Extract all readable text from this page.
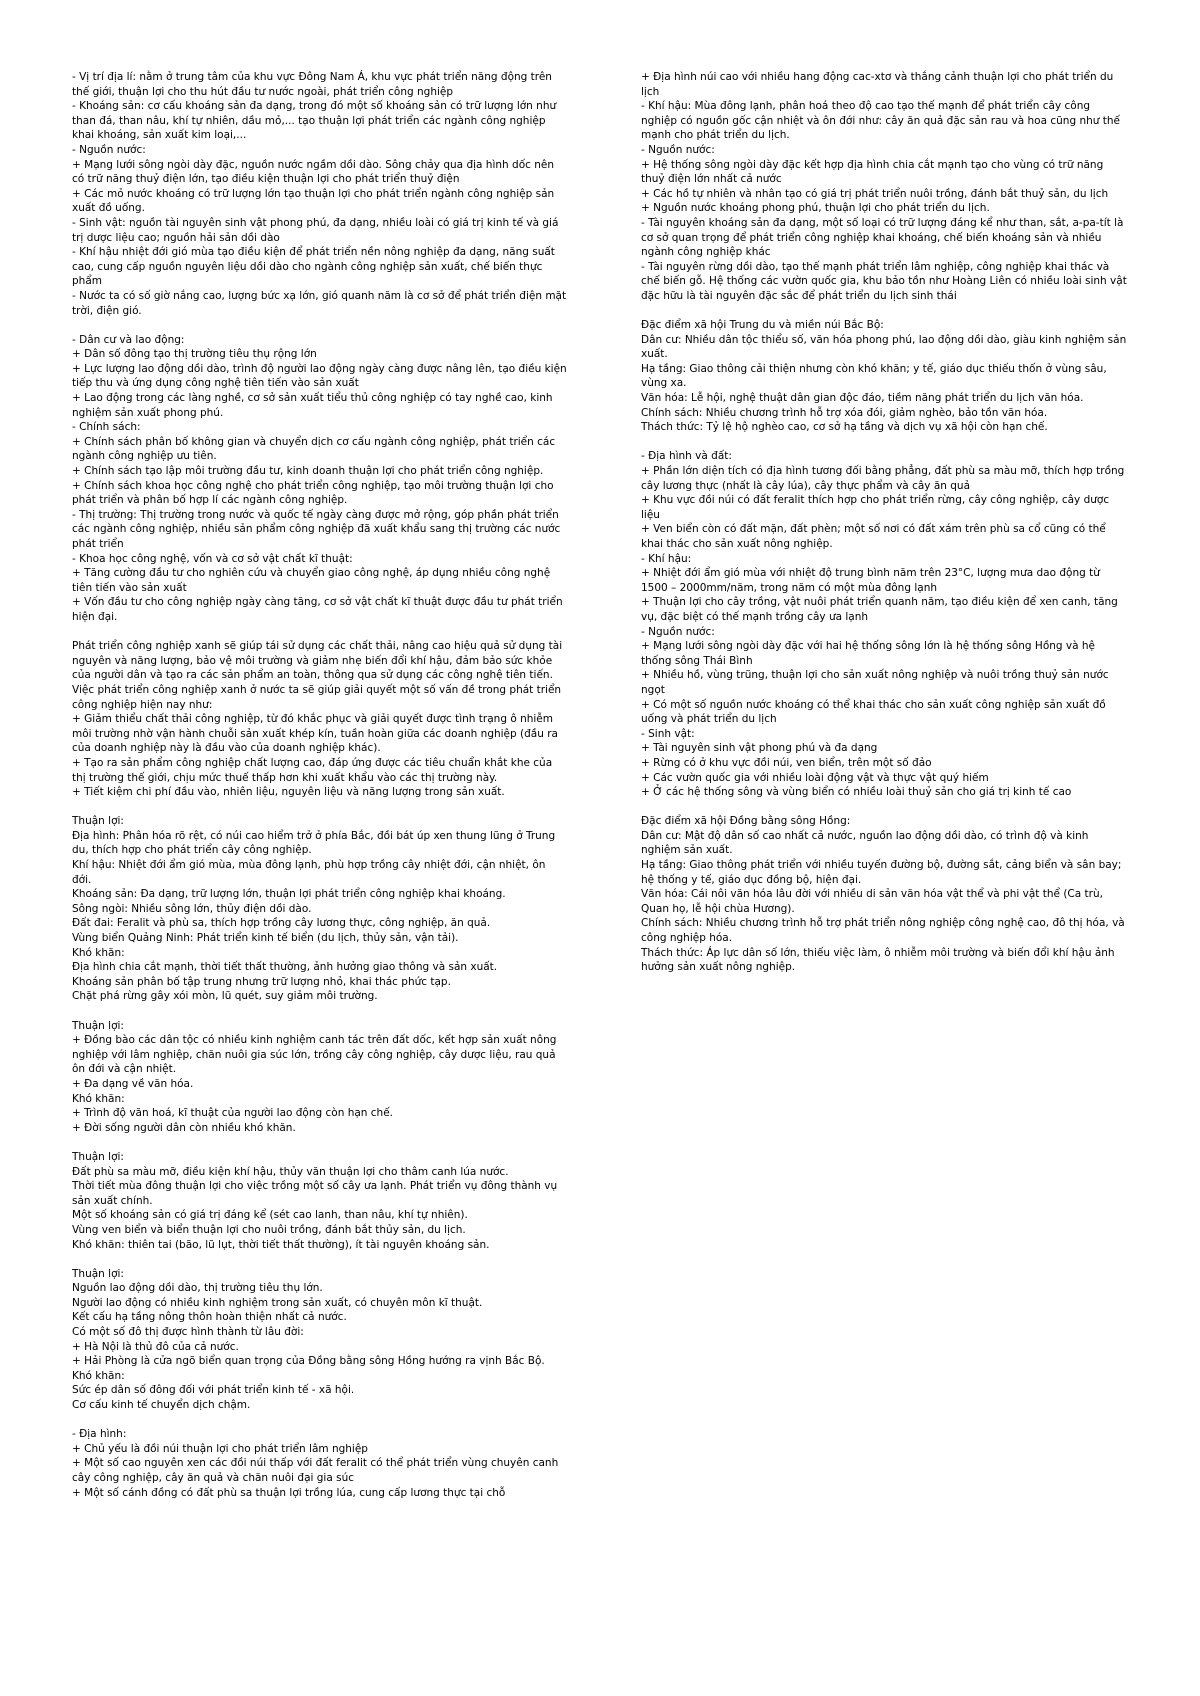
- Vị trí địa lí: nằm ở trung tâm của khu vực Đông Nam Á, khu vực phát triển năng động trên thế giới, thuận lợi cho thu hút đầu tư nước ngoài, phát triển công nghiệp
- Khoáng sản: cơ cấu khoáng sản đa dạng, trong đó một số khoáng sản có trữ lượng lớn như than đá, than nâu, khí tự nhiên, dầu mỏ,... tạo thuận lợi phát triển các ngành công nghiệp khai khoáng, sản xuất kim loại,...
- Nguồn nước:
+ Mạng lưới sông ngòi dày đặc, nguồn nước ngầm dồi dào. Sông chảy qua địa hình dốc nên có trữ năng thuỷ điện lớn, tạo điều kiện thuận lợi cho phát triển thuỷ điện
+ Các mỏ nước khoáng có trữ lượng lớn tạo thuận lợi cho phát triển ngành công nghiệp sản xuất đồ uống.
- Sinh vật: nguồn tài nguyên sinh vật phong phú, đa dạng, nhiều loài có giá trị kinh tế và giá trị dược liệu cao; nguồn hải sản dồi dào
- Khí hậu nhiệt đới gió mùa tạo điều kiện để phát triển nền nông nghiệp đa dạng, năng suất cao, cung cấp nguồn nguyên liệu dồi dào cho ngành công nghiệp sản xuất, chế biến thực phẩm
- Nước ta có số giờ nắng cao, lượng bức xạ lớn, gió quanh năm là cơ sở để phát triển điện mặt trời, điện gió.
- Dân cư và lao động:
+ Dân số đông tạo thị trường tiêu thụ rộng lớn
+ Lực lượng lao động dồi dào, trình độ người lao động ngày càng được nâng lên, tạo điều kiện tiếp thu và ứng dụng công nghệ tiên tiến vào sản xuất
+ Lao động trong các làng nghề, cơ sở sản xuất tiểu thủ công nghiệp có tay nghề cao, kinh nghiệm sản xuất phong phú.
- Chính sách:
+ Chính sách phân bố không gian và chuyển dịch cơ cấu ngành công nghiệp, phát triển các ngành công nghiệp ưu tiên.
+ Chính sách tạo lập môi trường đầu tư, kinh doanh thuận lợi cho phát triển công nghiệp.
+ Chính sách khoa học công nghệ cho phát triển công nghiệp, tạo môi trường thuận lợi cho phát triển và phân bố hợp lí các ngành công nghiệp.
- Thị trường: Thị trường trong nước và quốc tế ngày càng được mở rộng, góp phần phát triển các ngành công nghiệp, nhiều sản phẩm công nghiệp đã xuất khẩu sang thị trường các nước phát triển
- Khoa học công nghệ, vốn và cơ sở vật chất kĩ thuật:
+ Tăng cường đầu tư cho nghiên cứu và chuyển giao công nghệ, áp dụng nhiều công nghệ tiên tiến vào sản xuất
+ Vốn đầu tư cho công nghiệp ngày càng tăng, cơ sở vật chất kĩ thuật được đầu tư phát triển hiện đại.
Phát triển công nghiệp xanh sẽ giúp tái sử dụng các chất thải, nâng cao hiệu quả sử dụng tài nguyên và năng lượng, bảo vệ môi trường và giảm nhẹ biến đổi khí hậu, đảm bảo sức khỏe của người dân và tạo ra các sản phẩm an toàn, thông qua sử dụng các công nghệ tiên tiến.
Việc phát triển công nghiệp xanh ở nước ta sẽ giúp giải quyết một số vấn đề trong phát triển công nghiệp hiện nay như:
+ Giảm thiểu chất thải công nghiệp, từ đó khắc phục và giải quyết được tình trạng ô nhiễm môi trường nhờ vận hành chuỗi sản xuất khép kín, tuần hoàn giữa các doanh nghiệp (đầu ra của doanh nghiệp này là đầu vào của doanh nghiệp khác).
+ Tạo ra sản phẩm công nghiệp chất lượng cao, đáp ứng được các tiêu chuẩn khắt khe của thị trường thế giới, chịu mức thuế thấp hơn khi xuất khẩu vào các thị trường này.
+ Tiết kiệm chi phí đầu vào, nhiên liệu, nguyên liệu và năng lượng trong sản xuất.
Thuận lợi:
Địa hình: Phân hóa rõ rệt, có núi cao hiểm trở ở phía Bắc, đồi bát úp xen thung lũng ở Trung du, thích hợp cho phát triển cây công nghiệp.
Khí hậu: Nhiệt đới ẩm gió mùa, mùa đông lạnh, phù hợp trồng cây nhiệt đới, cận nhiệt, ôn đới.
Khoáng sản: Đa dạng, trữ lượng lớn, thuận lợi phát triển công nghiệp khai khoáng.
Sông ngòi: Nhiều sông lớn, thủy điện dồi dào.
Đất đai: Feralit và phù sa, thích hợp trồng cây lương thực, công nghiệp, ăn quả.
Vùng biển Quảng Ninh: Phát triển kinh tế biển (du lịch, thủy sản, vận tải).
Khó khăn:
Địa hình chia cắt mạnh, thời tiết thất thường, ảnh hưởng giao thông và sản xuất.
Khoáng sản phân bố tập trung nhưng trữ lượng nhỏ, khai thác phức tạp.
Chặt phá rừng gây xói mòn, lũ quét, suy giảm môi trường.
Thuận lợi:
+ Đồng bào các dân tộc có nhiều kinh nghiệm canh tác trên đất dốc, kết hợp sản xuất nông nghiệp với lâm nghiệp, chăn nuôi gia súc lớn, trồng cây công nghiệp, cây dược liệu, rau quả ôn đới và cận nhiệt.
+ Đa dạng về văn hóa.
Khó khăn:
+ Trình độ văn hoá, kĩ thuật của người lao động còn hạn chế.
+ Đời sống người dân còn nhiều khó khăn.
Thuận lợi:
Đất phù sa màu mỡ, điều kiện khí hậu, thủy văn thuận lợi cho thâm canh lúa nước.
Thời tiết mùa đông thuận lợi cho việc trồng một số cây ưa lạnh. Phát triển vụ đông thành vụ sản xuất chính.
Một số khoáng sản có giá trị đáng kể (sét cao lanh, than nâu, khí tự nhiên).
Vùng ven biển và biển thuận lợi cho nuôi trồng, đánh bắt thủy sản, du lịch.
Khó khăn: thiên tai (bão, lũ lụt, thời tiết thất thường), ít tài nguyên khoáng sản.
Thuận lợi:
Nguồn lao động dồi dào, thị trường tiêu thụ lớn.
Người lao động có nhiều kinh nghiệm trong sản xuất, có chuyên môn kĩ thuật.
Kết cấu hạ tầng nông thôn hoàn thiện nhất cả nước.
Có một số đô thị được hình thành từ lâu đời:
+ Hà Nội là thủ đô của cả nước.
+ Hải Phòng là cửa ngõ biển quan trọng của Đồng bằng sông Hồng hướng ra vịnh Bắc Bộ.
Khó khăn:
Sức ép dân số đông đối với phát triển kinh tế - xã hội.
Cơ cấu kinh tế chuyển dịch chậm.
- Địa hình:
+ Chủ yếu là đồi núi thuận lợi cho phát triển lâm nghiệp
+ Một số cao nguyên xen các đồi núi thấp với đất feralit có thể phát triển vùng chuyên canh cây công nghiệp, cây ăn quả và chăn nuôi đại gia súc
+ Một số cánh đồng có đất phù sa thuận lợi trồng lúa, cung cấp lương thực tại chỗ
+ Địa hình núi cao với nhiều hang động cac-xtơ và thắng cảnh thuận lợi cho phát triển du lịch
- Khí hậu: Mùa đông lạnh, phân hoá theo độ cao tạo thế mạnh để phát triển cây công nghiệp có nguồn gốc cận nhiệt và ôn đới như: cây ăn quả đặc sản rau và hoa cũng như thế mạnh cho phát triển du lịch.
- Nguồn nước:
+ Hệ thống sông ngòi dày đặc kết hợp địa hình chia cắt mạnh tạo cho vùng có trữ năng thuỷ điện lớn nhất cả nước
+ Các hồ tự nhiên và nhân tạo có giá trị phát triển nuôi trồng, đánh bắt thuỷ sản, du lịch
+ Nguồn nước khoáng phong phú, thuận lợi cho phát triển du lịch.
- Tài nguyên khoáng sản đa dạng, một số loại có trữ lượng đáng kể như than, sắt, a-pa-tít là cơ sở quan trọng để phát triển công nghiệp khai khoáng, chế biến khoáng sản và nhiều ngành công nghiệp khác
- Tài nguyên rừng dồi dào, tạo thế mạnh phát triển lâm nghiệp, công nghiệp khai thác và chế biến gỗ. Hệ thống các vườn quốc gia, khu bảo tồn như Hoàng Liên có nhiều loài sinh vật đặc hữu là tài nguyên đặc sắc để phát triển du lịch sinh thái
Đặc điểm xã hội Trung du và miền núi Bắc Bộ:
Dân cư: Nhiều dân tộc thiểu số, văn hóa phong phú, lao động dồi dào, giàu kinh nghiệm sản xuất.
Hạ tầng: Giao thông cải thiện nhưng còn khó khăn; y tế, giáo dục thiếu thốn ở vùng sâu, vùng xa.
Văn hóa: Lễ hội, nghệ thuật dân gian độc đáo, tiềm năng phát triển du lịch văn hóa.
Chính sách: Nhiều chương trình hỗ trợ xóa đói, giảm nghèo, bảo tồn văn hóa.
Thách thức: Tỷ lệ hộ nghèo cao, cơ sở hạ tầng và dịch vụ xã hội còn hạn chế.
- Địa hình và đất:
+ Phần lớn diện tích có địa hình tương đối bằng phẳng, đất phù sa màu mỡ, thích hợp trồng cây lương thực (nhất là cây lúa), cây thực phẩm và cây ăn quả
+ Khu vực đồi núi có đất feralit thích hợp cho phát triển rừng, cây công nghiệp, cây dược liệu
+ Ven biển còn có đất mặn, đất phèn; một số nơi có đất xám trên phù sa cổ cũng có thể khai thác cho sản xuất nông nghiệp.
- Khí hậu:
+ Nhiệt đới ẩm gió mùa với nhiệt độ trung bình năm trên 23°C, lượng mưa dao động từ 1500 – 2000mm/năm, trong năm có một mùa đông lạnh
+ Thuận lợi cho cây trồng, vật nuôi phát triển quanh năm, tạo điều kiện để xen canh, tăng vụ, đặc biệt có thế mạnh trồng cây ưa lạnh
- Nguồn nước:
+ Mạng lưới sông ngòi dày đặc với hai hệ thống sông lớn là hệ thống sông Hồng và hệ thống sông Thái Bình
+ Nhiều hồ, vùng trũng, thuận lợi cho sản xuất nông nghiệp và nuôi trồng thuỷ sản nước ngọt
+ Có một số nguồn nước khoáng có thể khai thác cho sản xuất công nghiệp sản xuất đồ uống và phát triển du lịch
- Sinh vật:
+ Tài nguyên sinh vật phong phú và đa dạng
+ Rừng có ở khu vực đồi núi, ven biển, trên một số đảo
+ Các vườn quốc gia với nhiều loài động vật và thực vật quý hiếm
+ Ở các hệ thống sông và vùng biển có nhiều loài thuỷ sản cho giá trị kinh tế cao
Đặc điểm xã hội Đồng bằng sông Hồng:
Dân cư: Mật độ dân số cao nhất cả nước, nguồn lao động dồi dào, có trình độ và kinh nghiệm sản xuất.
Hạ tầng: Giao thông phát triển với nhiều tuyến đường bộ, đường sắt, cảng biển và sân bay; hệ thống y tế, giáo dục đồng bộ, hiện đại.
Văn hóa: Cái nôi văn hóa lâu đời với nhiều di sản văn hóa vật thể và phi vật thể (Ca trù, Quan họ, lễ hội chùa Hương).
Chính sách: Nhiều chương trình hỗ trợ phát triển nông nghiệp công nghệ cao, đô thị hóa, và công nghiệp hóa.
Thách thức: Áp lực dân số lớn, thiếu việc làm, ô nhiễm môi trường và biến đổi khí hậu ảnh hưởng sản xuất nông nghiệp.
